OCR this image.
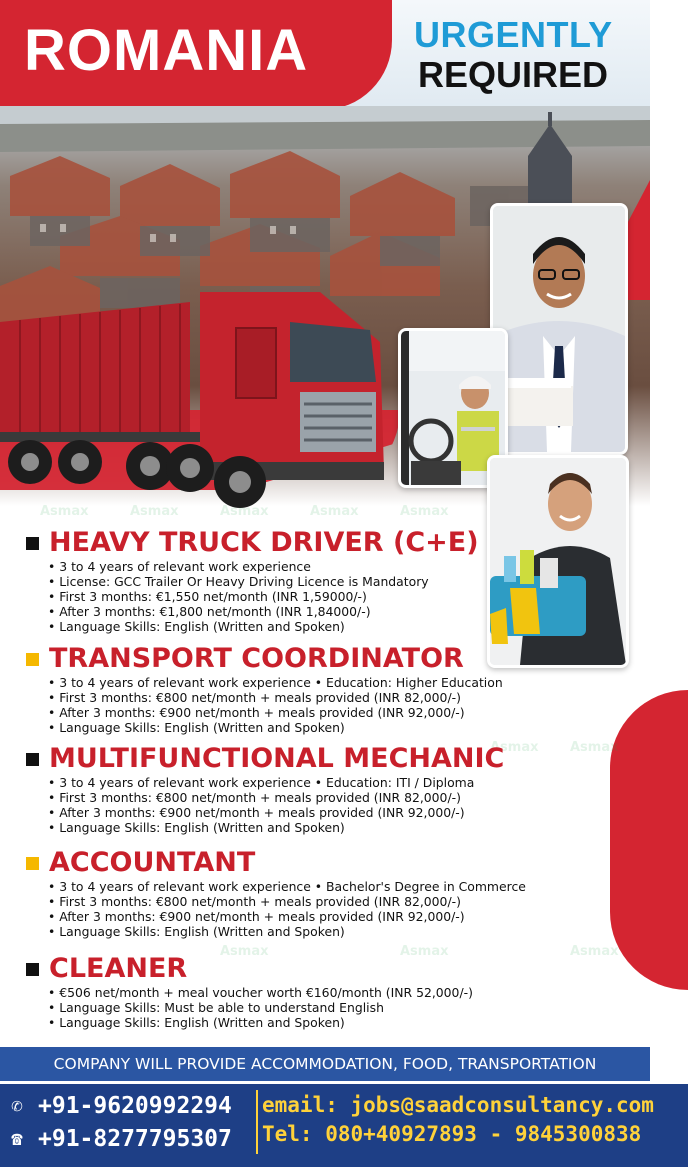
ROMANIA	URGENTLY
REQUIRED
Asmax	Asmax	Asmax	Asmax	Asmax
Asmax Asmax
Asmax	Asmax	Asmax
HEAVY TRUCK DRIVER (C+E)
• 3 to 4 years of relevant work experience
• License: GCC Trailer Or Heavy Driving Licence is Mandatory
• First 3 months: €1,550 net/month (INR 1,59000/-)
• After 3 months: €1,800 net/month (INR 1,84000/-)
• Language Skills: English (Written and Spoken)
TRANSPORT COORDINATOR
• 3 to 4 years of relevant work experience • Education: Higher Education
• First 3 months: €800 net/month + meals provided (INR 82,000/-)
• After 3 months: €900 net/month + meals provided (INR 92,000/-)
• Language Skills: English (Written and Spoken)
MULTIFUNCTIONAL MECHANIC
• 3 to 4 years of relevant work experience • Education: ITI / Diploma
• First 3 months: €800 net/month + meals provided (INR 82,000/-)
• After 3 months: €900 net/month + meals provided (INR 92,000/-)
• Language Skills: English (Written and Spoken)
ACCOUNTANT
• 3 to 4 years of relevant work experience • Bachelor's Degree in Commerce
• First 3 months: €800 net/month + meals provided (INR 82,000/-)
• After 3 months: €900 net/month + meals provided (INR 92,000/-)
• Language Skills: English (Written and Spoken)
CLEANER
• €506 net/month + meal voucher worth €160/month (INR 52,000/-)
• Language Skills: Must be able to understand English
• Language Skills: English (Written and Spoken)
COMPANY WILL PROVIDE ACCOMMODATION, FOOD, TRANSPORTATION
✆ +91-9620992294
☎ +91-8277795307
email: jobs@saadconsultancy.com
Tel: 080+40927893 - 9845300838
